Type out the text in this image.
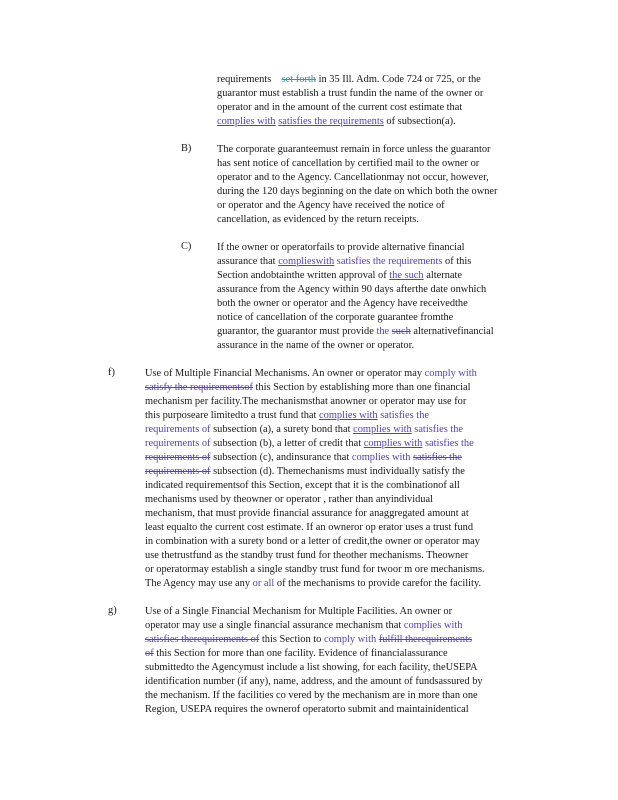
requirements set forth in 35 Ill. Adm. Code 724 or 725, or the
guarantor must establish a trust fundin the name of the owner or
operator and in the amount of the current cost estimate that
complies with satisfies the requirements of subsection(a).
B) The corporate guaranteemust remain in force unless the guarantor
has sent notice of cancellation by certified mail to the owner or
operator and to the Agency. Cancellationmay not occur, however,
during the 120 days beginning on the date on which both the owner
or operator and the Agency have received the notice of
cancellation, as evidenced by the return receipts.
C) If the owner or operatorfails to provide alternative financial
assurance that complieswith satisfies the requirements of this
Section andobtainthe written approval of the such alternate
assurance from the Agency within 90 days afterthe date onwhich
both the owner or operator and the Agency have receivedthe
notice of cancellation of the corporate guarantee fromthe
guarantor, the guarantor must provide the such alternativefinancial
assurance in the name of the owner or operator.
f)	Use of Multiple Financial Mechanisms. An owner or operator may comply with
satisfy the requirementsof this Section by establishing more than one financial
mechanism per facility.The mechanismsthat anowner or operator may use for
this purposeare limitedto a trust fund that complies with satisfies the
requirements of subsection (a), a surety bond that complies with satisfies the
requirements of subsection (b), a letter of credit that complies with satisfies the
requirements of subsection (c), andinsurance that complies with satisfies the
requirements of subsection (d). Themechanisms must individually satisfy the
indicated requirementsof this Section, except that it is the combinationof all
mechanisms used by theowner or operator , rather than anyindividual
mechanism, that must provide financial assurance for anaggregated amount at
least equalto the current cost estimate. If an owneror op erator uses a trust fund
in combination with a surety bond or a letter of credit,the owner or operator may
use thetrustfund as the standby trust fund for theother mechanisms. Theowner
or operatormay establish a single standby trust fund for twoor m ore mechanisms.
The Agency may use any or all of the mechanisms to provide carefor the facility.
g)	Use of a Single Financial Mechanism for Multiple Facilities. An owner or
operator may use a single financial assurance mechanism that complies with
satisfies therequirements of this Section to comply with fulfill therequirements
of this Section for more than one facility. Evidence of financialassurance
submittedto the Agencymust include a list showing, for each facility, theUSEPA
identification number (if any), name, address, and the amount of fundsassured by
the mechanism. If the facilities co vered by the mechanism are in more than one
Region, USEPA requires the ownerof operatorto submit and maintainidentical
